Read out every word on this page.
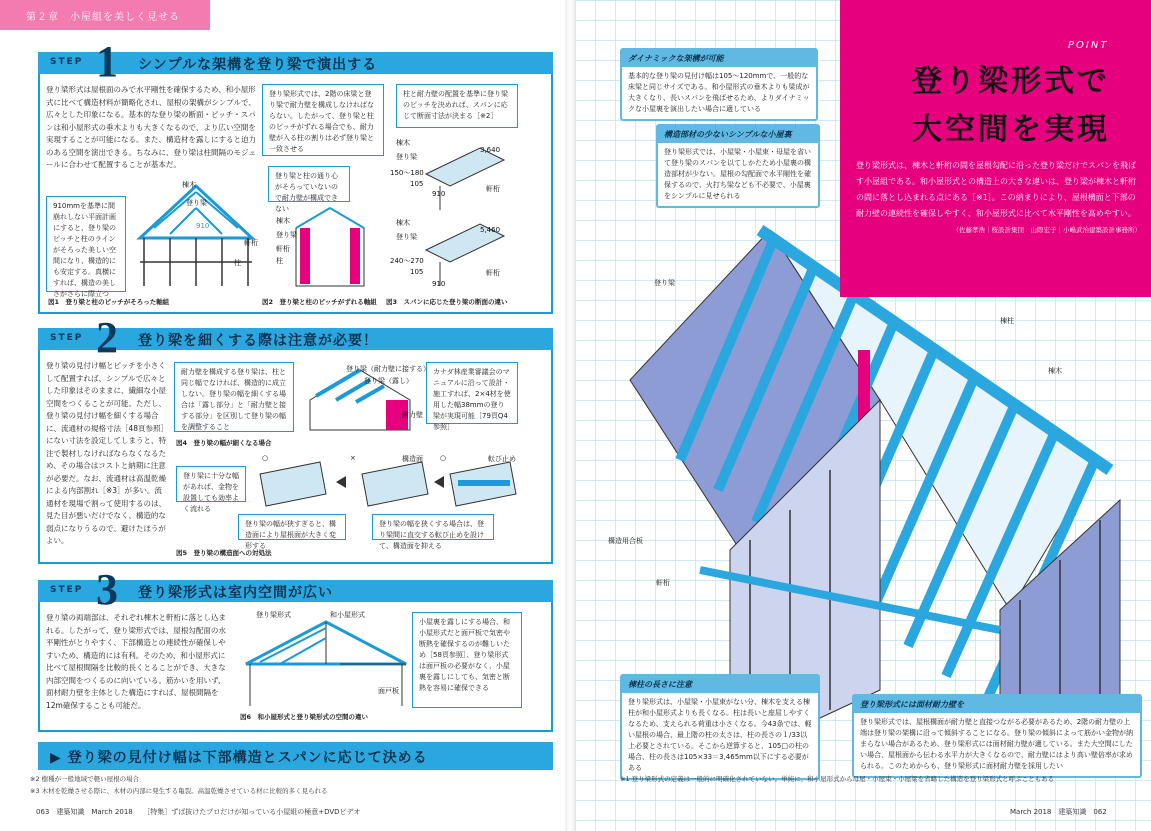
第２章　小屋組を美しく見せる
STEP 1 シンプルな架構を登り梁で演出する
登り梁形式は屋根面のみで水平剛性を確保するため、和小屋形式に比べて構造材料が簡略化され、屋根の架構がシンプルで、広々とした印象になる。基本的な登り梁の断面・ピッチ・スパンは和小屋形式の垂木よりも大きくなるので、より広い空間を実現することが可能になる。また、構造材を露しにすると迫力のある空間を演出できる。ちなみに、登り梁は柱間隔のモジュールに合わせて配置することが基本だ。
910mmを基準に間崩れしない平面計画にすると、登り梁のピッチと柱のラインがそろった美しい空間になり、構造的にも安定する。真横にすれば、構造の美しさがさらに際立つ
登り梁形式では、2階の床梁と登り梁で耐力壁を構成しなければならない。したがって、登り梁と柱のピッチがずれる場合でも、耐力壁が入る柱の割りは必ず登り梁と一致させる
柱と耐力壁の配置を基準に登り梁のピッチを決めれば、スパンに応じて断面寸法が決まる［※2］
登り梁と柱の通り心がそろっていないので耐力壁が構成できない
棟木
登り梁
軒桁
柱
910
棟木
登り梁
軒桁
柱
棟木
登り梁
3,640
150～180
105
910
軒桁
棟木
登り梁
5,460
240～270
105
910
軒桁
図1　登り梁と柱のピッチがそろった軸組	図2　登り梁と柱のピッチがずれる軸組 図3　スパンに応じた登り梁の断面の違い
STEP 2 登り梁を細くする際は注意が必要！
登り梁の見付け幅とピッチを小さくして配置すれば、シンプルで広々とした印象はそのままに、繊細な小屋空間をつくることが可能。ただし、登り梁の見付け幅を細くする場合に、流通材の規格寸法［48頁参照］にない寸法を設定してしまうと、特注で製材しなければならなくなるため、その場合はコストと納期に注意が必要だ。なお、流通材は高温乾燥による内部割れ［※3］が多い。流通材を現場で割って使用するのは、見た目が悪いだけでなく、構造的な弱点になりうるので、避けたほうがよい。
耐力壁を構成する登り梁は、柱と同じ幅でなければ、構造的に成立しない。登り梁の幅を細くする場合は「露し部分」と「耐力壁と接する部分」を区別して登り梁の幅を調整すること
カナダ林産業審議会のマニュアルに沿って設計・施工すれば、2×4材を使用した幅38mmの登り梁が実現可能［79頁Q4参照］
登り梁に十分な幅があれば、金物を設置しても効率よく流れる
登り梁の幅が狭すぎると、構造面により屋根面が大きく変形する
登り梁の幅を狭くする場合は、登り梁間に直交する転び止めを設けて、構造面を抑える
登り梁（耐力壁に接する）
登り梁（露し）
耐力壁
図4　登り梁の幅が細くなる場合
○	×	○
構造面	転び止め
図5　登り梁の構造面への対処法
STEP 3 登り梁形式は室内空間が広い
登り梁の両端部は、それぞれ棟木と軒桁に落とし込まれる。したがって、登り梁形式では、屋根勾配面の水平剛性がとりやすく、下部構造との連続性が確保しやすいため、構造的には有利。そのため、和小屋形式に比べて屋根間隔を比較的長くとることができ、大きな内部空間をつくるのに向いている。筋かいを用いず、面材耐力壁を主体とした構造にすれば、屋根間隔を12m確保することも可能だ。
登り梁形式	和小屋形式
面戸板
小屋裏を露しにする場合、和小屋形式だと面戸板で気密や断熱を確保するのが難しいため［58頁参照］、登り梁形式は面戸板の必要がなく、小屋裏を露しにしても、気密と断熱を容易に確保できる
図6　和小屋形式と登り梁形式の空間の違い
▶ 登り梁の見付け幅は下部構造とスパンに応じて決める
※2 樹種が一般地域で軽い屋根の場合
※3 木材を乾燥させる際に、木材の内部に発生する亀裂。高温乾燥させている材に比較的多く見られる
063　建築知識　March 2018　　［特集］ずば抜けたプロだけが知っている小屋組の極意+DVDビデオ
POINT
登り梁形式で
大空間を実現
登り梁形式は、棟木と軒桁の間を屋根勾配に沿った登り梁だけでスパンを飛ばす小屋組である。和小屋形式との構造上の大きな違いは、登り梁が棟木と軒桁の間に落とし込まれる点にある［※1］。この納まりにより、屋根構面と下部の耐力壁の連続性を確保しやすく、和小屋形式に比べて水平剛性を高めやすい。
（佐藤孝浩｜桜設計集団　山際宏子｜小嶋武治建築設計事務所）
ダイナミックな架構が可能
基本的な登り梁の見付け幅は105～120mmで、一般的な床梁と同じサイズである。和小屋形式の垂木よりも梁成が大きくなり、長いスパンを飛ばせるため、よりダイナミックな小屋裏を演出したい場合に適している
構造部材の少ないシンプルな小屋裏
登り梁形式では、小屋梁・小屋束・母屋を省いて登り梁のスパンを以てしかたため小屋裏の構造部材が少ない。屋根の勾配面で水平剛性を確保するので、火打ち梁なども不必要で、小屋裏をシンプルに見せられる
棟柱の長さに注意
登り梁形式は、小屋梁・小屋束がない分、棟木を支える棟柱が和小屋形式よりも長くなる。柱は長いと座屈しやすくなるため、支えられる荷重は小さくなる。今43条では、軽い屋根の場合、最上階の柱の太さは、柱の長さの１/33以上必要とされている。そこから逆算すると、105□の柱の場合、柱の長さは105×33＝3,465mm以下にする必要がある
登り梁形式には面材耐力壁を
登り梁形式では、屋根構面が耐力壁と直接つながる必要があるため、2階の耐力壁の上端は登り梁の架構に沿って傾斜することになる。登り梁の傾斜によって筋かい金物が納まらない場合があるため、登り梁形式には面材耐力壁が適している。また大空間にしたい場合、屋根面から伝わる水平力が大きくなるので、耐力壁にはより高い壁倍率が求められる。このためからも、登り梁形式に面材耐力壁を採用したい
登り梁
棟柱
棟木
構造用合板
軒桁
※1 登り梁形式の定義は一般的に明確化されていない。単純に、和小屋形式から母屋・小屋束・小屋梁を省略した構造を登り梁形式と呼ぶこともある
March 2018　建築知識　062
